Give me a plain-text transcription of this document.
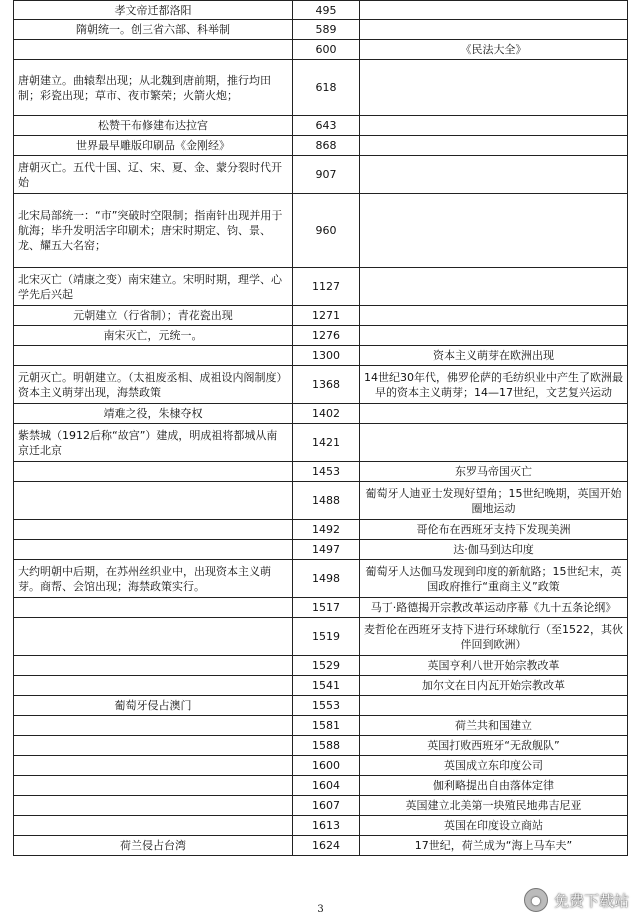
孝文帝迁都洛阳	495	
隋朝统一。创三省六部、科举制	589	
	600	《民法大全》
唐朝建立。曲辕犁出现；从北魏到唐前期，推行均田制；彩瓷出现；草市、夜市繁荣；火箭火炮；	618	
松赞干布修建布达拉宫	643	
世界最早雕版印刷品《金刚经》	868	
唐朝灭亡。五代十国、辽、宋、夏、金、蒙分裂时代开始	907	
北宋局部统一：“市”突破时空限制；指南针出现并用于航海；毕升发明活字印刷术；唐宋时期定、钧、景、龙、耀五大名窑；	960	
北宋灭亡（靖康之变）南宋建立。宋明时期，理学、心学先后兴起	1127	
元朝建立（行省制）；青花瓷出现	1271	
南宋灭亡，元统一。	1276	
	1300	资本主义萌芽在欧洲出现
元朝灭亡。明朝建立。（太祖废丞相、成祖设内阁制度）资本主义萌芽出现，海禁政策	1368	14世纪30年代，佛罗伦萨的毛纺织业中产生了欧洲最早的资本主义萌芽；14—17世纪，文艺复兴运动
靖难之役，朱棣夺权	1402	
紫禁城（1912后称“故宫”）建成，明成祖将都城从南京迁北京	1421	
	1453	东罗马帝国灭亡
	1488	葡萄牙人迪亚士发现好望角；15世纪晚期，英国开始圈地运动
	1492	哥伦布在西班牙支持下发现美洲
	1497	达·伽马到达印度
大约明朝中后期，在苏州丝织业中，出现资本主义萌芽。商帮、会馆出现；海禁政策实行。	1498	葡萄牙人达伽马发现到印度的新航路；15世纪末，英国政府推行“重商主义”政策
	1517	马丁·路德揭开宗教改革运动序幕《九十五条论纲》
	1519	麦哲伦在西班牙支持下进行环球航行（至1522，其伙伴回到欧洲）
	1529	英国亨利八世开始宗教改革
	1541	加尔文在日内瓦开始宗教改革
葡萄牙侵占澳门	1553	
	1581	荷兰共和国建立
	1588	英国打败西班牙“无敌舰队”
	1600	英国成立东印度公司
	1604	伽利略提出自由落体定律
	1607	英国建立北美第一块殖民地弗吉尼亚
	1613	英国在印度设立商站
荷兰侵占台湾	1624	17世纪，荷兰成为“海上马车夫”
3
● 免费下载站
